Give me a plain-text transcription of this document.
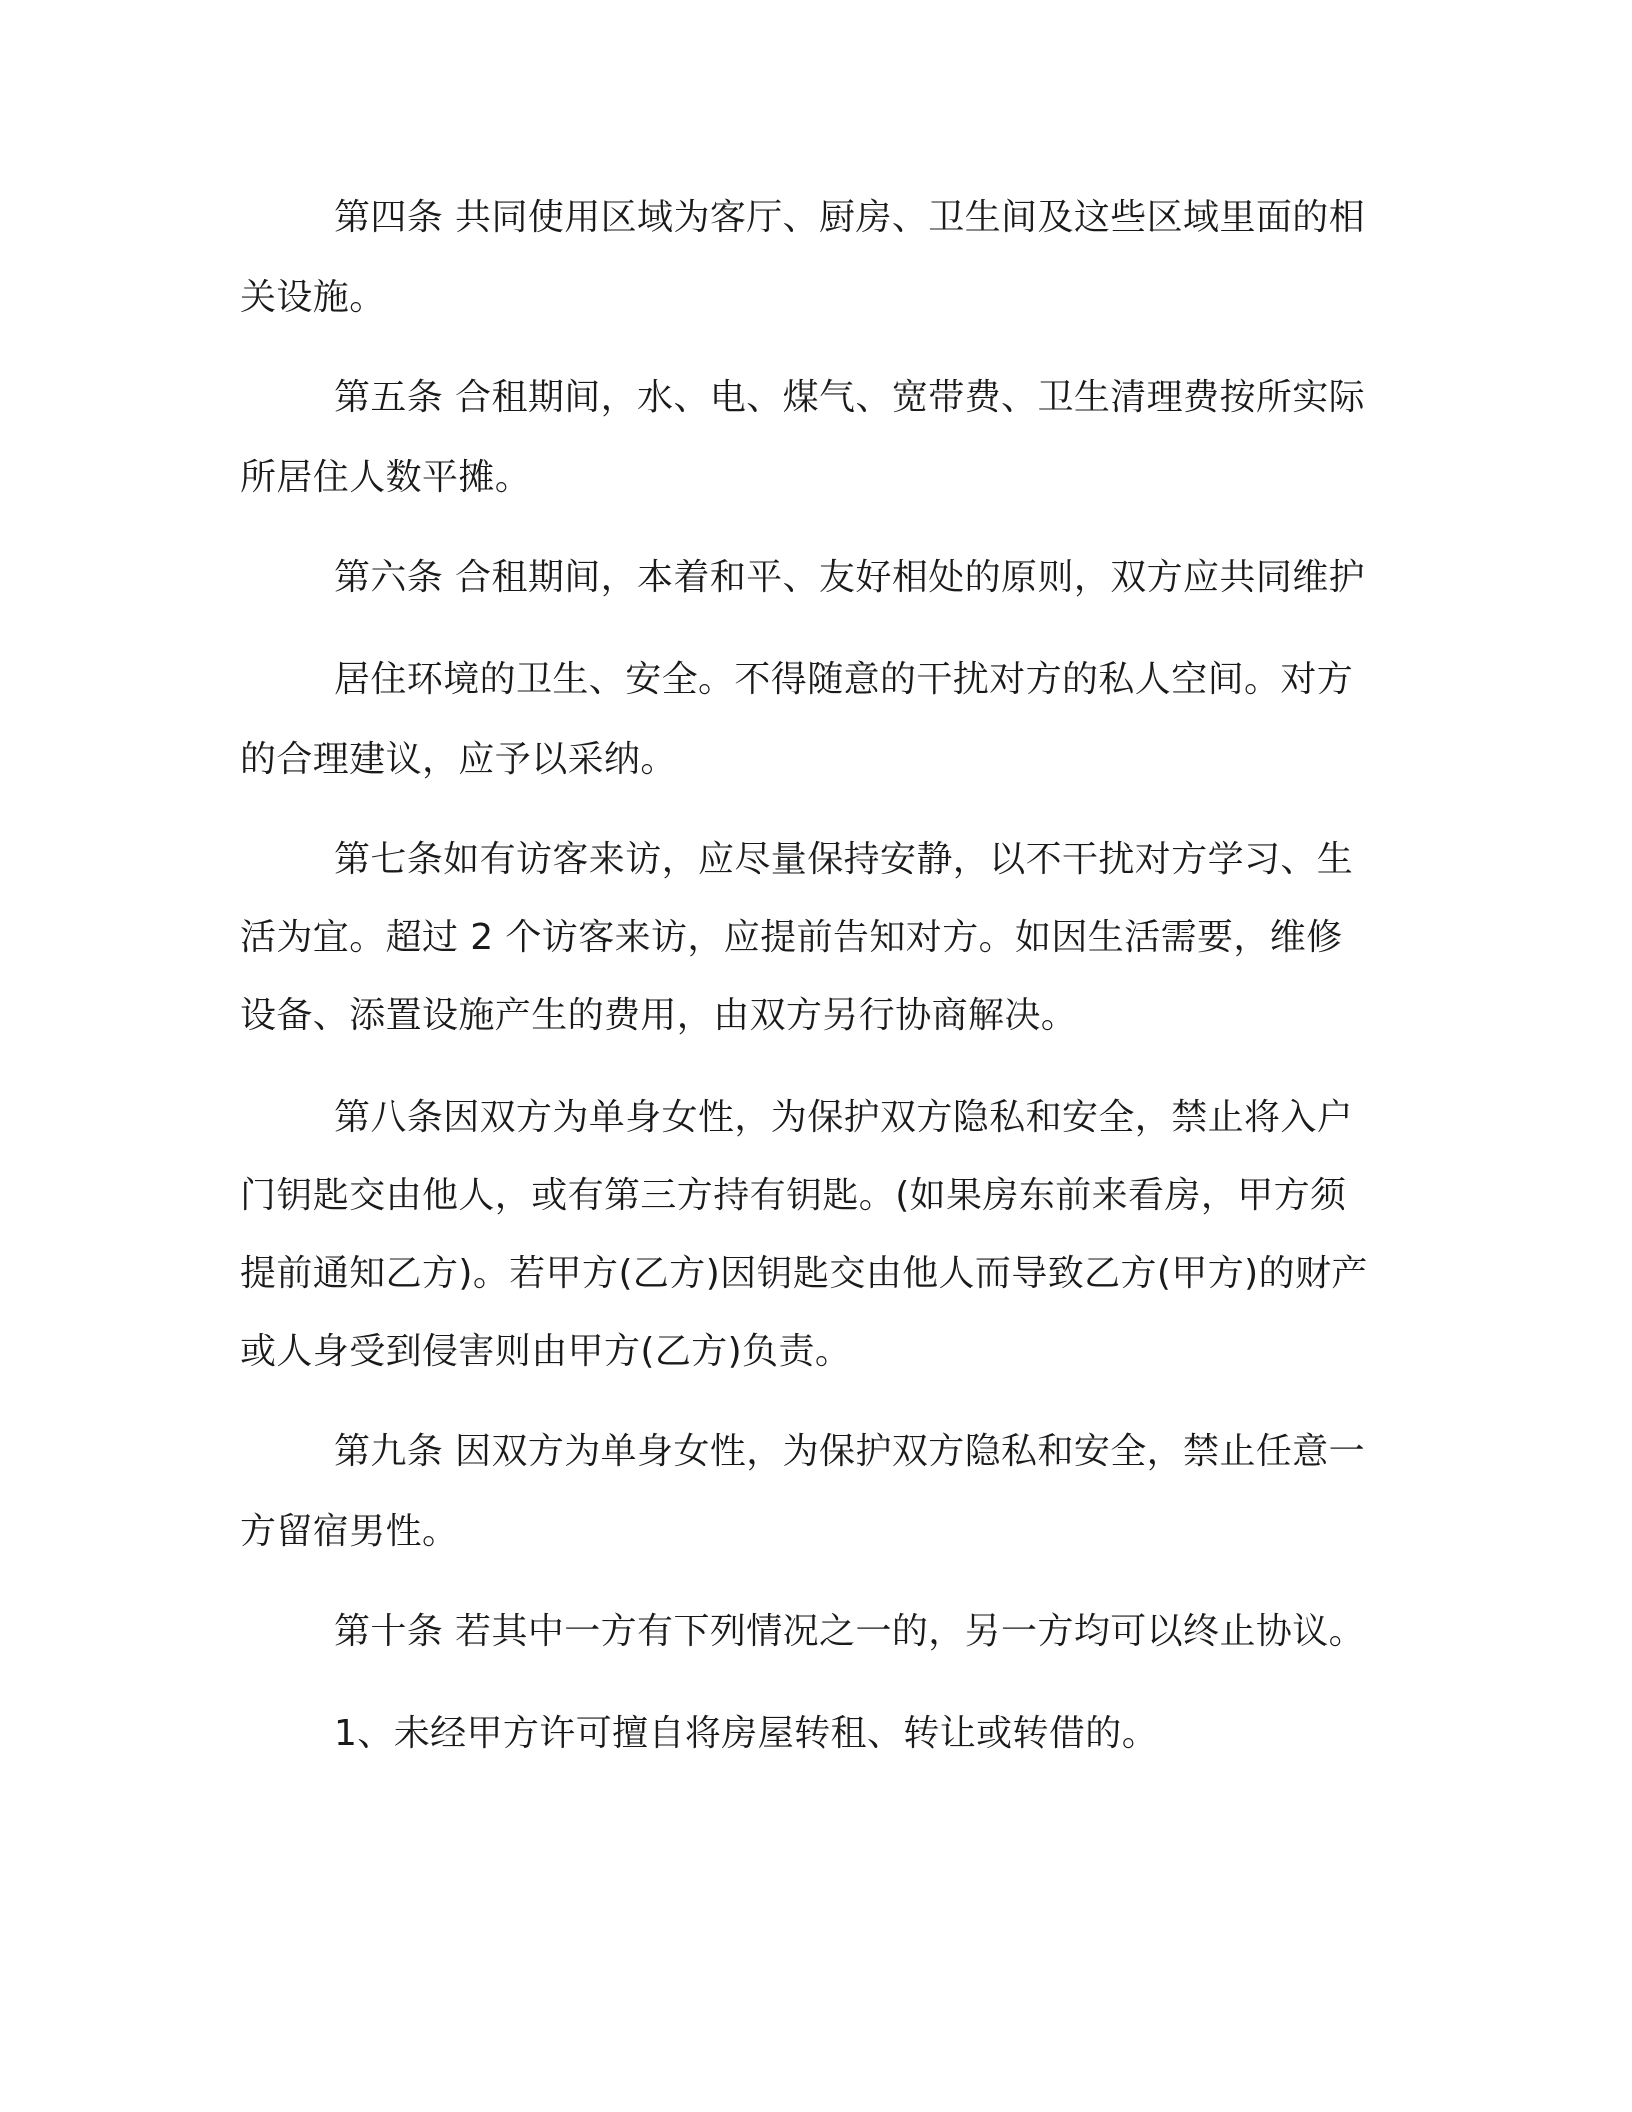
第四条 共同使用区域为客厅、厨房、卫生间及这些区域里面的相
关设施。
第五条 合租期间，水、电、煤气、宽带费、卫生清理费按所实际
所居住人数平摊。
第六条 合租期间，本着和平、友好相处的原则，双方应共同维护
居住环境的卫生、安全。不得随意的干扰对方的私人空间。对方
的合理建议，应予以采纳。
第七条如有访客来访，应尽量保持安静，以不干扰对方学习、生
活为宜。超过 2 个访客来访，应提前告知对方。如因生活需要，维修
设备、添置设施产生的费用，由双方另行协商解决。
第八条因双方为单身女性，为保护双方隐私和安全，禁止将入户
门钥匙交由他人，或有第三方持有钥匙。(如果房东前来看房，甲方须
提前通知乙方)。若甲方(乙方)因钥匙交由他人而导致乙方(甲方)的财产
或人身受到侵害则由甲方(乙方)负责。
第九条 因双方为单身女性，为保护双方隐私和安全，禁止任意一
方留宿男性。
第十条 若其中一方有下列情况之一的，另一方均可以终止协议。
1、未经甲方许可擅自将房屋转租、转让或转借的。
